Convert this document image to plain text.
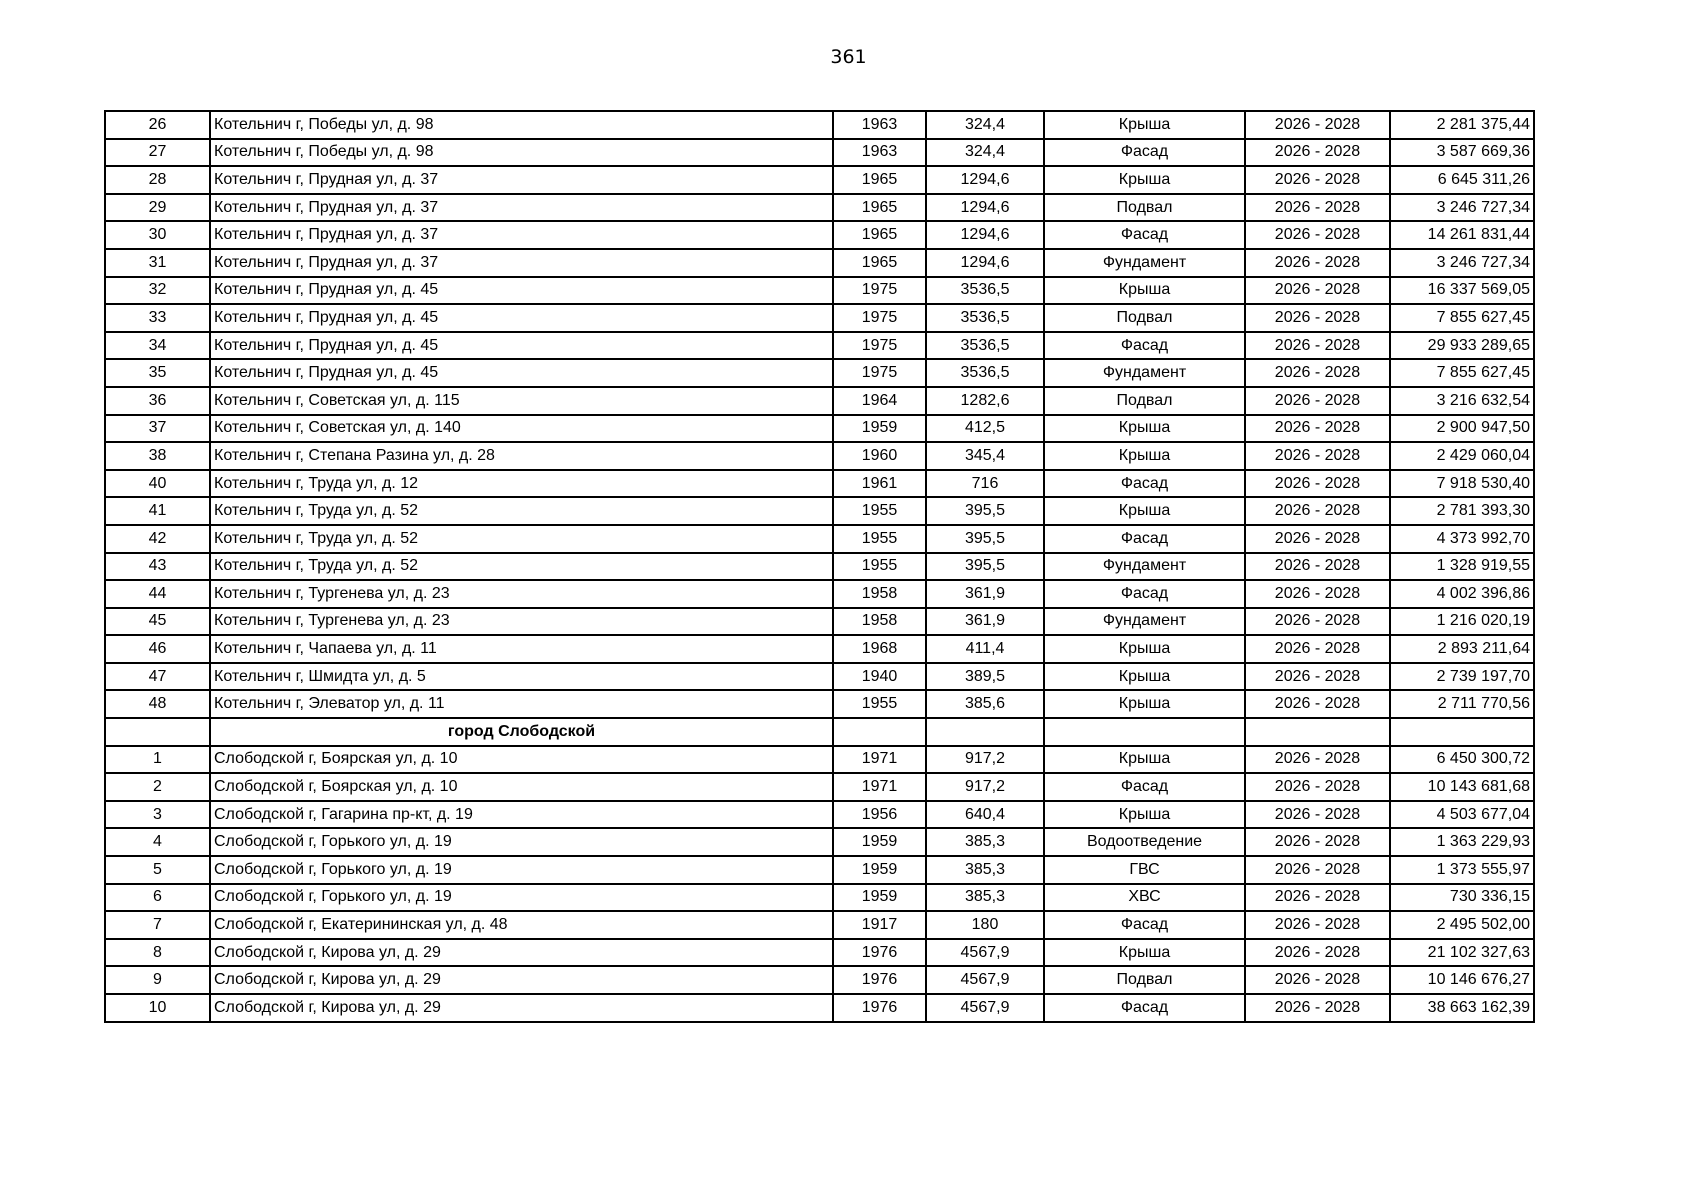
361
26	Котельнич г, Победы ул, д. 98	1963	324,4	Крыша	2026 - 2028	2 281 375,44
27	Котельнич г, Победы ул, д. 98	1963	324,4	Фасад	2026 - 2028	3 587 669,36
28	Котельнич г, Прудная ул, д. 37	1965	1294,6	Крыша	2026 - 2028	6 645 311,26
29	Котельнич г, Прудная ул, д. 37	1965	1294,6	Подвал	2026 - 2028	3 246 727,34
30	Котельнич г, Прудная ул, д. 37	1965	1294,6	Фасад	2026 - 2028	14 261 831,44
31	Котельнич г, Прудная ул, д. 37	1965	1294,6	Фундамент	2026 - 2028	3 246 727,34
32	Котельнич г, Прудная ул, д. 45	1975	3536,5	Крыша	2026 - 2028	16 337 569,05
33	Котельнич г, Прудная ул, д. 45	1975	3536,5	Подвал	2026 - 2028	7 855 627,45
34	Котельнич г, Прудная ул, д. 45	1975	3536,5	Фасад	2026 - 2028	29 933 289,65
35	Котельнич г, Прудная ул, д. 45	1975	3536,5	Фундамент	2026 - 2028	7 855 627,45
36	Котельнич г, Советская ул, д. 115	1964	1282,6	Подвал	2026 - 2028	3 216 632,54
37	Котельнич г, Советская ул, д. 140	1959	412,5	Крыша	2026 - 2028	2 900 947,50
38	Котельнич г, Степана Разина ул, д. 28	1960	345,4	Крыша	2026 - 2028	2 429 060,04
40	Котельнич г, Труда ул, д. 12	1961	716	Фасад	2026 - 2028	7 918 530,40
41	Котельнич г, Труда ул, д. 52	1955	395,5	Крыша	2026 - 2028	2 781 393,30
42	Котельнич г, Труда ул, д. 52	1955	395,5	Фасад	2026 - 2028	4 373 992,70
43	Котельнич г, Труда ул, д. 52	1955	395,5	Фундамент	2026 - 2028	1 328 919,55
44	Котельнич г, Тургенева ул, д. 23	1958	361,9	Фасад	2026 - 2028	4 002 396,86
45	Котельнич г, Тургенева ул, д. 23	1958	361,9	Фундамент	2026 - 2028	1 216 020,19
46	Котельнич г, Чапаева ул, д. 11	1968	411,4	Крыша	2026 - 2028	2 893 211,64
47	Котельнич г, Шмидта ул, д. 5	1940	389,5	Крыша	2026 - 2028	2 739 197,70
48	Котельнич г, Элеватор ул, д. 11	1955	385,6	Крыша	2026 - 2028	2 711 770,56
	город Слободской					
1	Слободской г, Боярская ул, д. 10	1971	917,2	Крыша	2026 - 2028	6 450 300,72
2	Слободской г, Боярская ул, д. 10	1971	917,2	Фасад	2026 - 2028	10 143 681,68
3	Слободской г, Гагарина пр-кт, д. 19	1956	640,4	Крыша	2026 - 2028	4 503 677,04
4	Слободской г, Горького ул, д. 19	1959	385,3	Водоотведение	2026 - 2028	1 363 229,93
5	Слободской г, Горького ул, д. 19	1959	385,3	ГВС	2026 - 2028	1 373 555,97
6	Слободской г, Горького ул, д. 19	1959	385,3	ХВС	2026 - 2028	730 336,15
7	Слободской г, Екатерининская ул, д. 48	1917	180	Фасад	2026 - 2028	2 495 502,00
8	Слободской г, Кирова ул, д. 29	1976	4567,9	Крыша	2026 - 2028	21 102 327,63
9	Слободской г, Кирова ул, д. 29	1976	4567,9	Подвал	2026 - 2028	10 146 676,27
10	Слободской г, Кирова ул, д. 29	1976	4567,9	Фасад	2026 - 2028	38 663 162,39
